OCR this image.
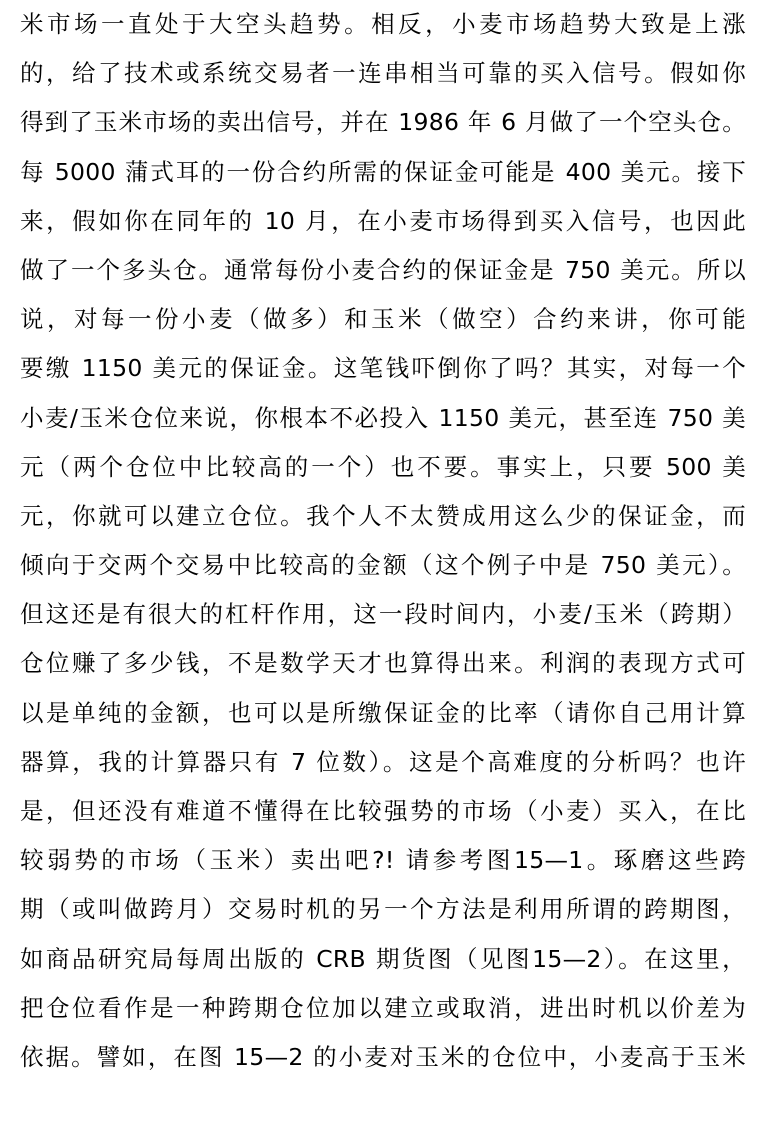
米市场一直处于大空头趋势。相反，小麦市场趋势大致是上涨
的，给了技术或系统交易者一连串相当可靠的买入信号。假如你
得到了玉米市场的卖出信号，并在 1986 年 6 月做了一个空头仓。
每 5000 蒲式耳的一份合约所需的保证金可能是 400 美元。接下
来，假如你在同年的 10 月，在小麦市场得到买入信号，也因此
做了一个多头仓。通常每份小麦合约的保证金是 750 美元。所以
说，对每一份小麦（做多）和玉米（做空）合约来讲，你可能
要缴 1150 美元的保证金。这笔钱吓倒你了吗？其实，对每一个
小麦/玉米仓位来说，你根本不必投入 1150 美元，甚至连 750 美
元（两个仓位中比较高的一个）也不要。事实上，只要 500 美
元，你就可以建立仓位。我个人不太赞成用这么少的保证金，而
倾向于交两个交易中比较高的金额（这个例子中是 750 美元）。
但这还是有很大的杠杆作用，这一段时间内，小麦/玉米（跨期）
仓位赚了多少钱，不是数学天才也算得出来。利润的表现方式可
以是单纯的金额，也可以是所缴保证金的比率（请你自己用计算
器算，我的计算器只有 7 位数）。这是个高难度的分析吗？也许
是，但还没有难道不懂得在比较强势的市场（小麦）买入，在比
较弱势的市场（玉米）卖出吧?! 请参考图15—1。琢磨这些跨
期（或叫做跨月）交易时机的另一个方法是利用所谓的跨期图，
如商品研究局每周出版的 CRB 期货图（见图15—2）。在这里，
把仓位看作是一种跨期仓位加以建立或取消，进出时机以价差为
依据。譬如，在图 15—2 的小麦对玉米的仓位中，小麦高于玉米
